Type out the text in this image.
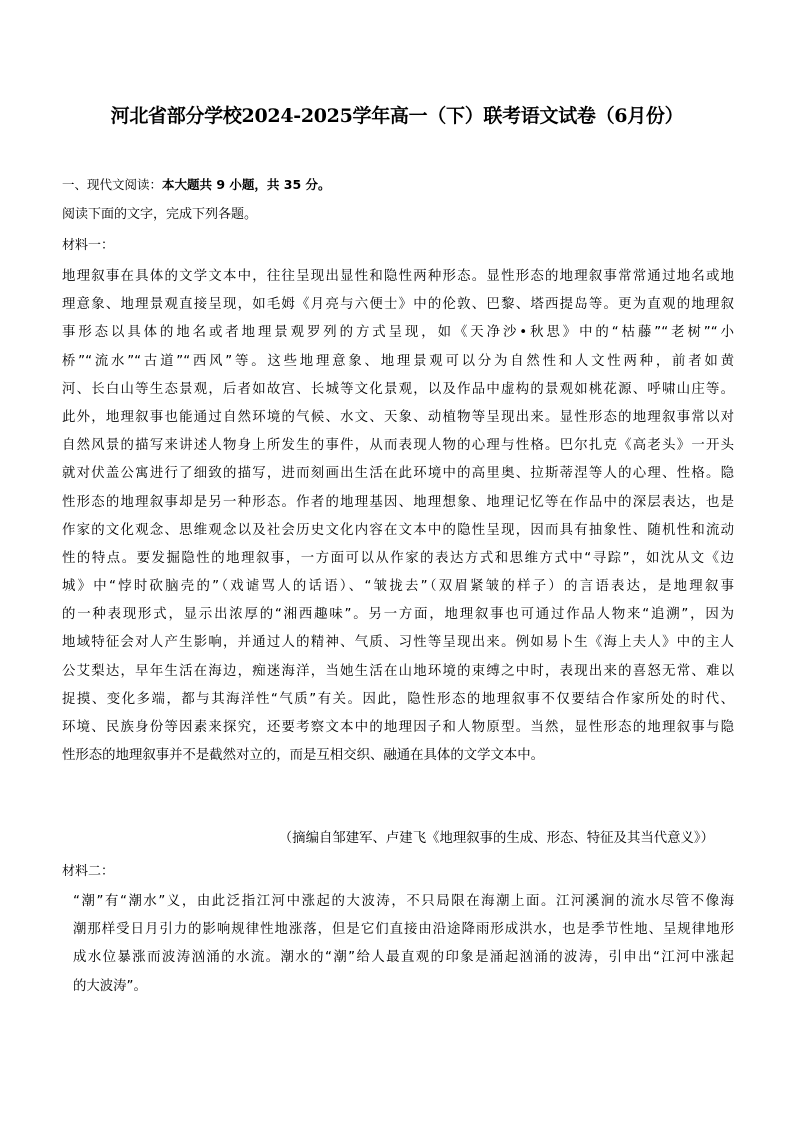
河北省部分学校2024-2025学年高一（下）联考语文试卷（6月份）
一、现代文阅读：本大题共 9 小题，共 35 分。
阅读下面的文字，完成下列各题。
材料一：
地理叙事在具体的文学文本中，往往呈现出显性和隐性两种形态。显性形态的地理叙事常常通过地名或地
理意象、地理景观直接呈现，如毛姆《月亮与六便士》中的伦敦、巴黎、塔西提岛等。更为直观的地理叙
事形态以具体的地名或者地理景观罗列的方式呈现，如《天净沙•秋思》中的“枯藤”“老树”“小
桥”“流水”“古道”“西风”等。这些地理意象、地理景观可以分为自然性和人文性两种，前者如黄
河、长白山等生态景观，后者如故宫、长城等文化景观，以及作品中虚构的景观如桃花源、呼啸山庄等。
此外，地理叙事也能通过自然环境的气候、水文、天象、动植物等呈现出来。显性形态的地理叙事常以对
自然风景的描写来讲述人物身上所发生的事件，从而表现人物的心理与性格。巴尔扎克《高老头》一开头
就对伏盖公寓进行了细致的描写，进而刻画出生活在此环境中的高里奥、拉斯蒂涅等人的心理、性格。隐
性形态的地理叙事却是另一种形态。作者的地理基因、地理想象、地理记忆等在作品中的深层表达，也是
作家的文化观念、思维观念以及社会历史文化内容在文本中的隐性呈现，因而具有抽象性、随机性和流动
性的特点。要发掘隐性的地理叙事，一方面可以从作家的表达方式和思维方式中“寻踪”，如沈从文《边
城》中“悖时砍脑壳的”（戏谑骂人的话语）、“皱拢去”（双眉紧皱的样子）的言语表达，是地理叙事
的一种表现形式，显示出浓厚的“湘西趣味”。另一方面，地理叙事也可通过作品人物来“追溯”，因为
地域特征会对人产生影响，并通过人的精神、气质、习性等呈现出来。例如易卜生《海上夫人》中的主人
公艾梨达，早年生活在海边，痴迷海洋，当她生活在山地环境的束缚之中时，表现出来的喜怒无常、难以
捉摸、变化多端，都与其海洋性“气质”有关。因此，隐性形态的地理叙事不仅要结合作家所处的时代、
环境、民族身份等因素来探究，还要考察文本中的地理因子和人物原型。当然，显性形态的地理叙事与隐
性形态的地理叙事并不是截然对立的，而是互相交织、融通在具体的文学文本中。
（摘编自邹建军、卢建飞《地理叙事的生成、形态、特征及其当代意义》）
材料二：
“潮”有“潮水”义，由此泛指江河中涨起的大波涛，不只局限在海潮上面。江河溪涧的流水尽管不像海
潮那样受日月引力的影响规律性地涨落，但是它们直接由沿途降雨形成洪水，也是季节性地、呈规律地形
成水位暴涨而波涛汹涌的水流。潮水的“潮”给人最直观的印象是涌起汹涌的波涛，引申出“江河中涨起
的大波涛”。
